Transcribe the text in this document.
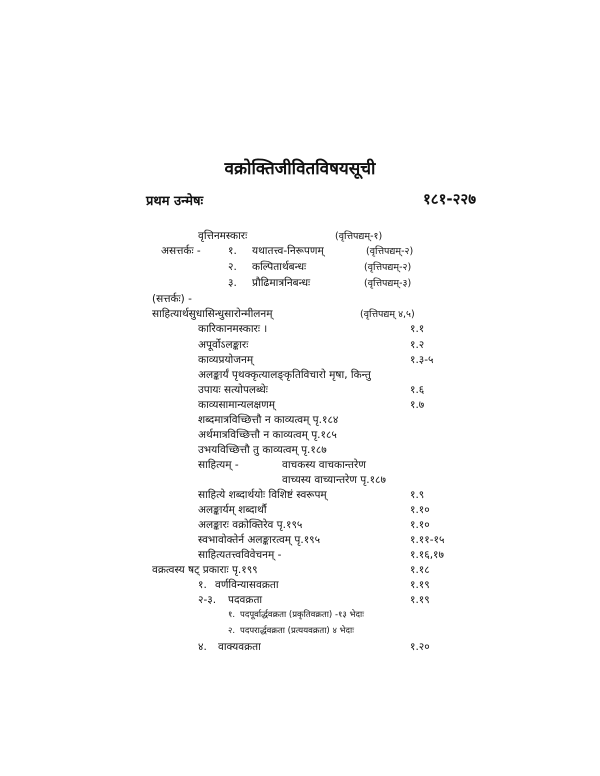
वक्रोक्तिजीवितविषयसूची
प्रथम उन्मेषः	१८१-२२७
वृत्तिनमस्कारः	(वृत्तिपद्यम्-१)
असत्तर्कः -	१. यथातत्त्व-निरूपणम्	(वृत्तिपद्यम्-२)
२. कल्पितार्थबन्धः	(वृत्तिपद्यम्-२)
३. प्रौढिमात्रनिबन्धः	(वृत्तिपद्यम्-३)
(सत्तर्कः) -
साहित्यार्थसुधासिन्धुसारोन्मीलनम्	(वृत्तिपद्यम् ४,५)
कारिकानमस्कारः ।	१.१
अपूर्वोऽलङ्कारः	१.२
काव्यप्रयोजनम्	१.३-५
अलङ्कार्यं पृथक्कृत्यालङ्कृतिविचारो मृषा, किन्तु
उपायः सत्योपलब्धेः	१.६
काव्यसामान्यलक्षणम्	१.७
शब्दमात्रविच्छित्तौ न काव्यत्वम् पृ.१८४
अर्थमात्रविच्छित्तौ न काव्यत्वम् पृ.१८५
उभयविच्छित्तौ तु काव्यत्वम् पृ.१८७
साहित्यम् -	वाचकस्य वाचकान्तरेण
वाच्यस्य वाच्यान्तरेण पृ.१८७
साहित्ये शब्दार्थयोः विशिष्टं स्वरूपम्	१.९
अलङ्कार्यम् शब्दार्थौ	१.१०
अलङ्कारः वक्रोक्तिरेव पृ.१९५	१.१०
स्वभावोक्तेर्न अलङ्कारत्वम् पृ.१९५	१.११-१५
साहित्यतत्त्वविवेचनम् -	१.१६,१७
वक्रत्वस्य षट् प्रकाराः पृ.१९९	१.१८
१. वर्णविन्यासवक्रता	१.१९
२-३. पदवक्रता	१.१९
१. पदपूर्वार्द्धवक्रता (प्रकृतिवक्रता) -१३ भेदाः
२. पदपरार्द्धवक्रता (प्रत्ययवक्रता) ४ भेदाः
४. वाक्यवक्रता	१.२०
